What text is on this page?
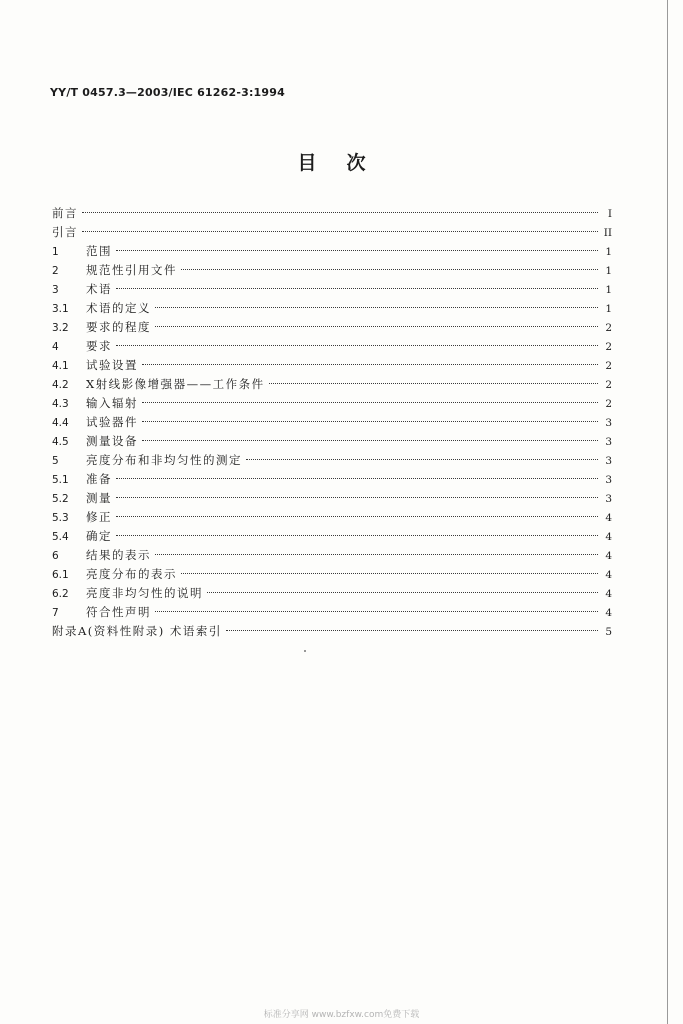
YY/T 0457.3—2003/IEC 61262-3:1994
目次
前言	I
引言	II
1	范围	1
2	规范性引用文件	1
3	术语	1
3.1	术语的定义	1
3.2	要求的程度	2
4	要求	2
4.1	试验设置	2
4.2	X射线影像增强器——工作条件	2
4.3	输入辐射	2
4.4	试验器件	3
4.5	测量设备	3
5	亮度分布和非均匀性的测定	3
5.1	准备	3
5.2	测量	3
5.3	修正	4
5.4	确定	4
6	结果的表示	4
6.1	亮度分布的表示	4
6.2	亮度非均匀性的说明	4
7	符合性声明	4
附录A(资料性附录) 术语索引	5
标准分享网 www.bzfxw.com免费下载
